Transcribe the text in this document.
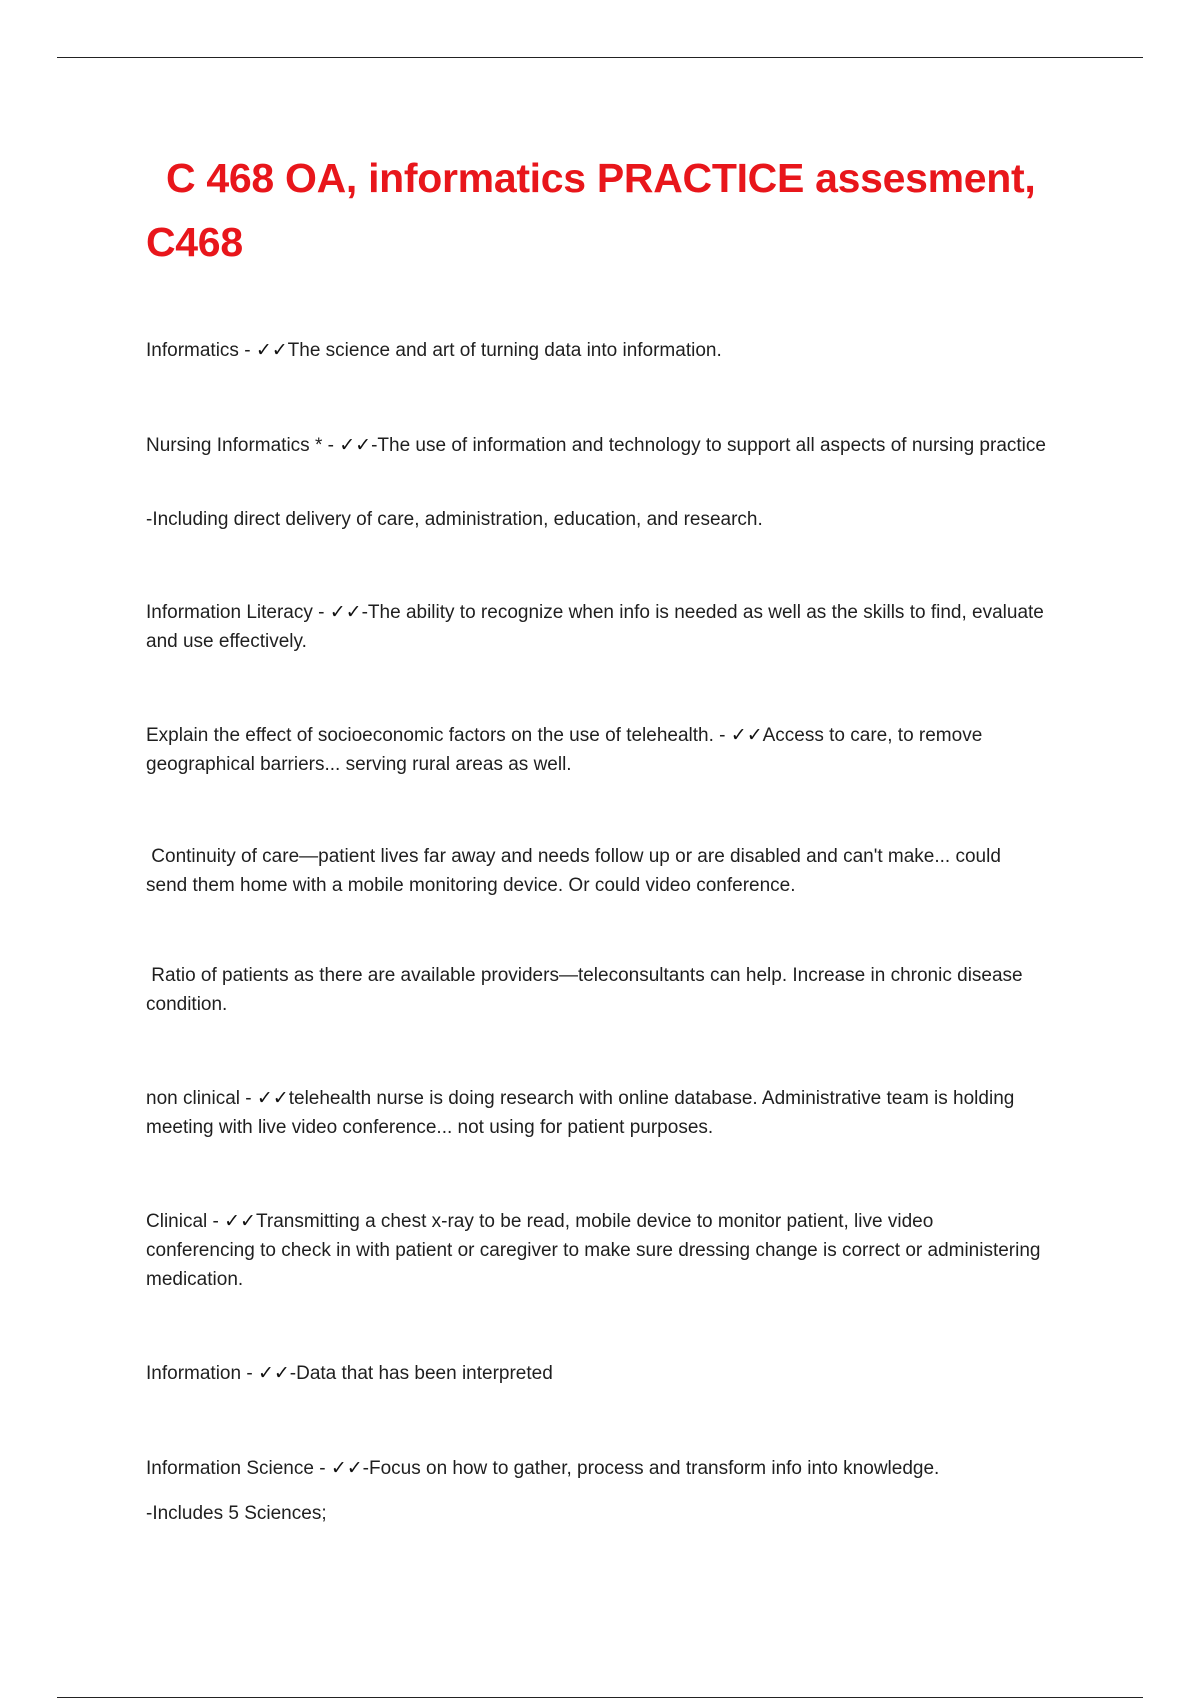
C 468 OA, informatics PRACTICE assesment, C468

Informatics - ✓✓The science and art of turning data into information.

Nursing Informatics * - ✓✓-The use of information and technology to support all aspects of nursing practice

-Including direct delivery of care, administration, education, and research.

Information Literacy - ✓✓-The ability to recognize when info is needed as well as the skills to find, evaluate and use effectively.

Explain the effect of socioeconomic factors on the use of telehealth. - ✓✓Access to care, to remove geographical barriers... serving rural areas as well.

Continuity of care—patient lives far away and needs follow up or are disabled and can't make... could send them home with a mobile monitoring device. Or could video conference.

Ratio of patients as there are available providers—teleconsultants can help. Increase in chronic disease condition.

non clinical - ✓✓telehealth nurse is doing research with online database. Administrative team is holding meeting with live video conference... not using for patient purposes.

Clinical - ✓✓Transmitting a chest x-ray to be read, mobile device to monitor patient, live video conferencing to check in with patient or caregiver to make sure dressing change is correct or administering medication.

Information - ✓✓-Data that has been interpreted

Information Science - ✓✓-Focus on how to gather, process and transform info into knowledge.

-Includes 5 Sciences;
